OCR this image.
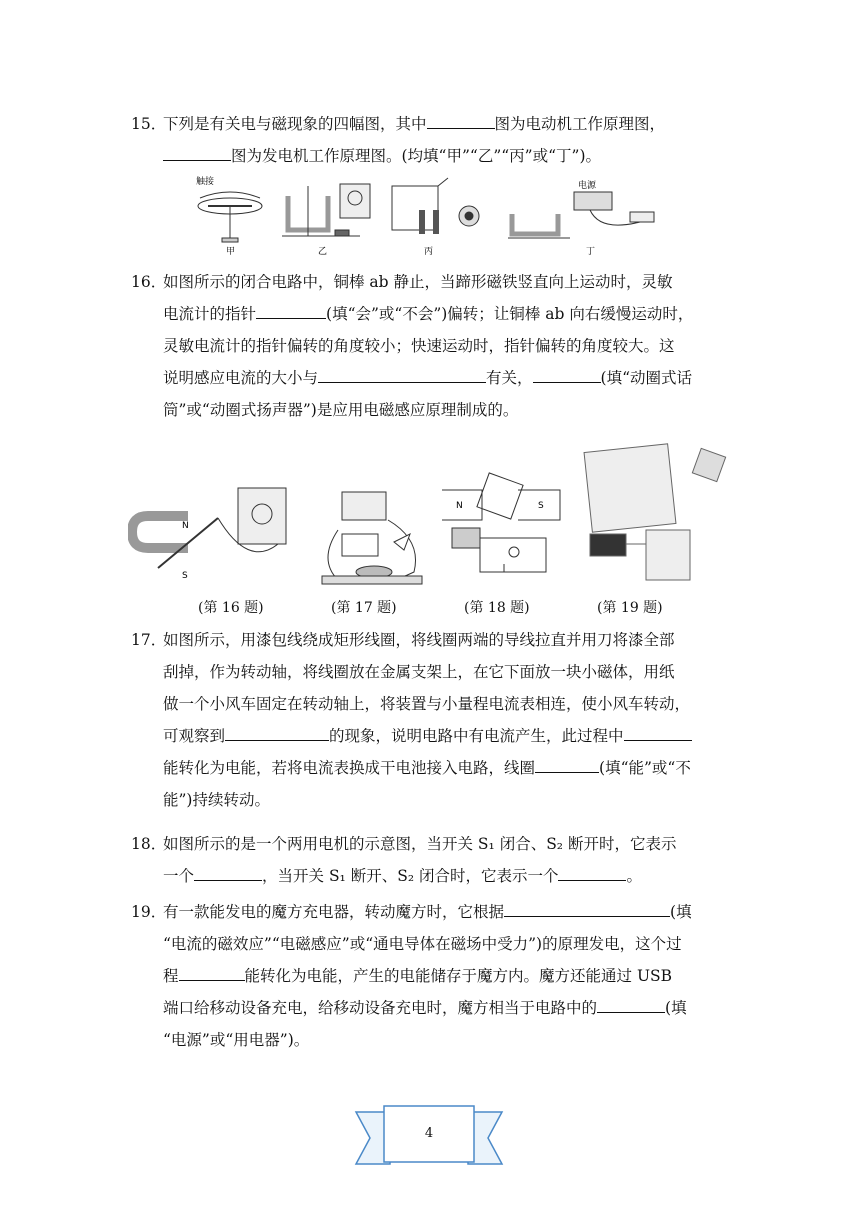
15．
下列是有关电与磁现象的四幅图，其中	图为电动机工作原理图，
图为发电机工作原理图。(均填“甲”“乙”“丙”或“丁”)。
触接	电源
甲	乙	丙	丁
16．
如图所示的闭合电路中，铜棒 ab 静止，当蹄形磁铁竖直向上运动时，灵敏
电流计的指针	(填“会”或“不会”)偏转；让铜棒 ab 向右缓慢运动时，
灵敏电流计的指针偏转的角度较小；快速运动时，指针偏转的角度较大。这
说明感应电流的大小与	有关，	(填“动圈式话
筒”或“动圈式扬声器”)是应用电磁感应原理制成的。
N
S
N	S
(第 16 题)	(第 17 题)	(第 18 题)	(第 19 题)
17．
如图所示，用漆包线绕成矩形线圈，将线圈两端的导线拉直并用刀将漆全部
刮掉，作为转动轴，将线圈放在金属支架上，在它下面放一块小磁体，用纸
做一个小风车固定在转动轴上，将装置与小量程电流表相连，使小风车转动，
可观察到	的现象，说明电路中有电流产生，此过程中
能转化为电能，若将电流表换成干电池接入电路，线圈	(填“能”或“不
能”)持续转动。
18．
如图所示的是一个两用电机的示意图，当开关 S₁ 闭合、S₂ 断开时，它表示
一个	，当开关 S₁ 断开、S₂ 闭合时，它表示一个	。
19．
有一款能发电的魔方充电器，转动魔方时，它根据	(填
“电流的磁效应”“电磁感应”或“通电导体在磁场中受力”)的原理发电，这个过
程	能转化为电能，产生的电能储存于魔方内。魔方还能通过 USB
端口给移动设备充电，给移动设备充电时，魔方相当于电路中的	(填
“电源”或“用电器”)。
4
